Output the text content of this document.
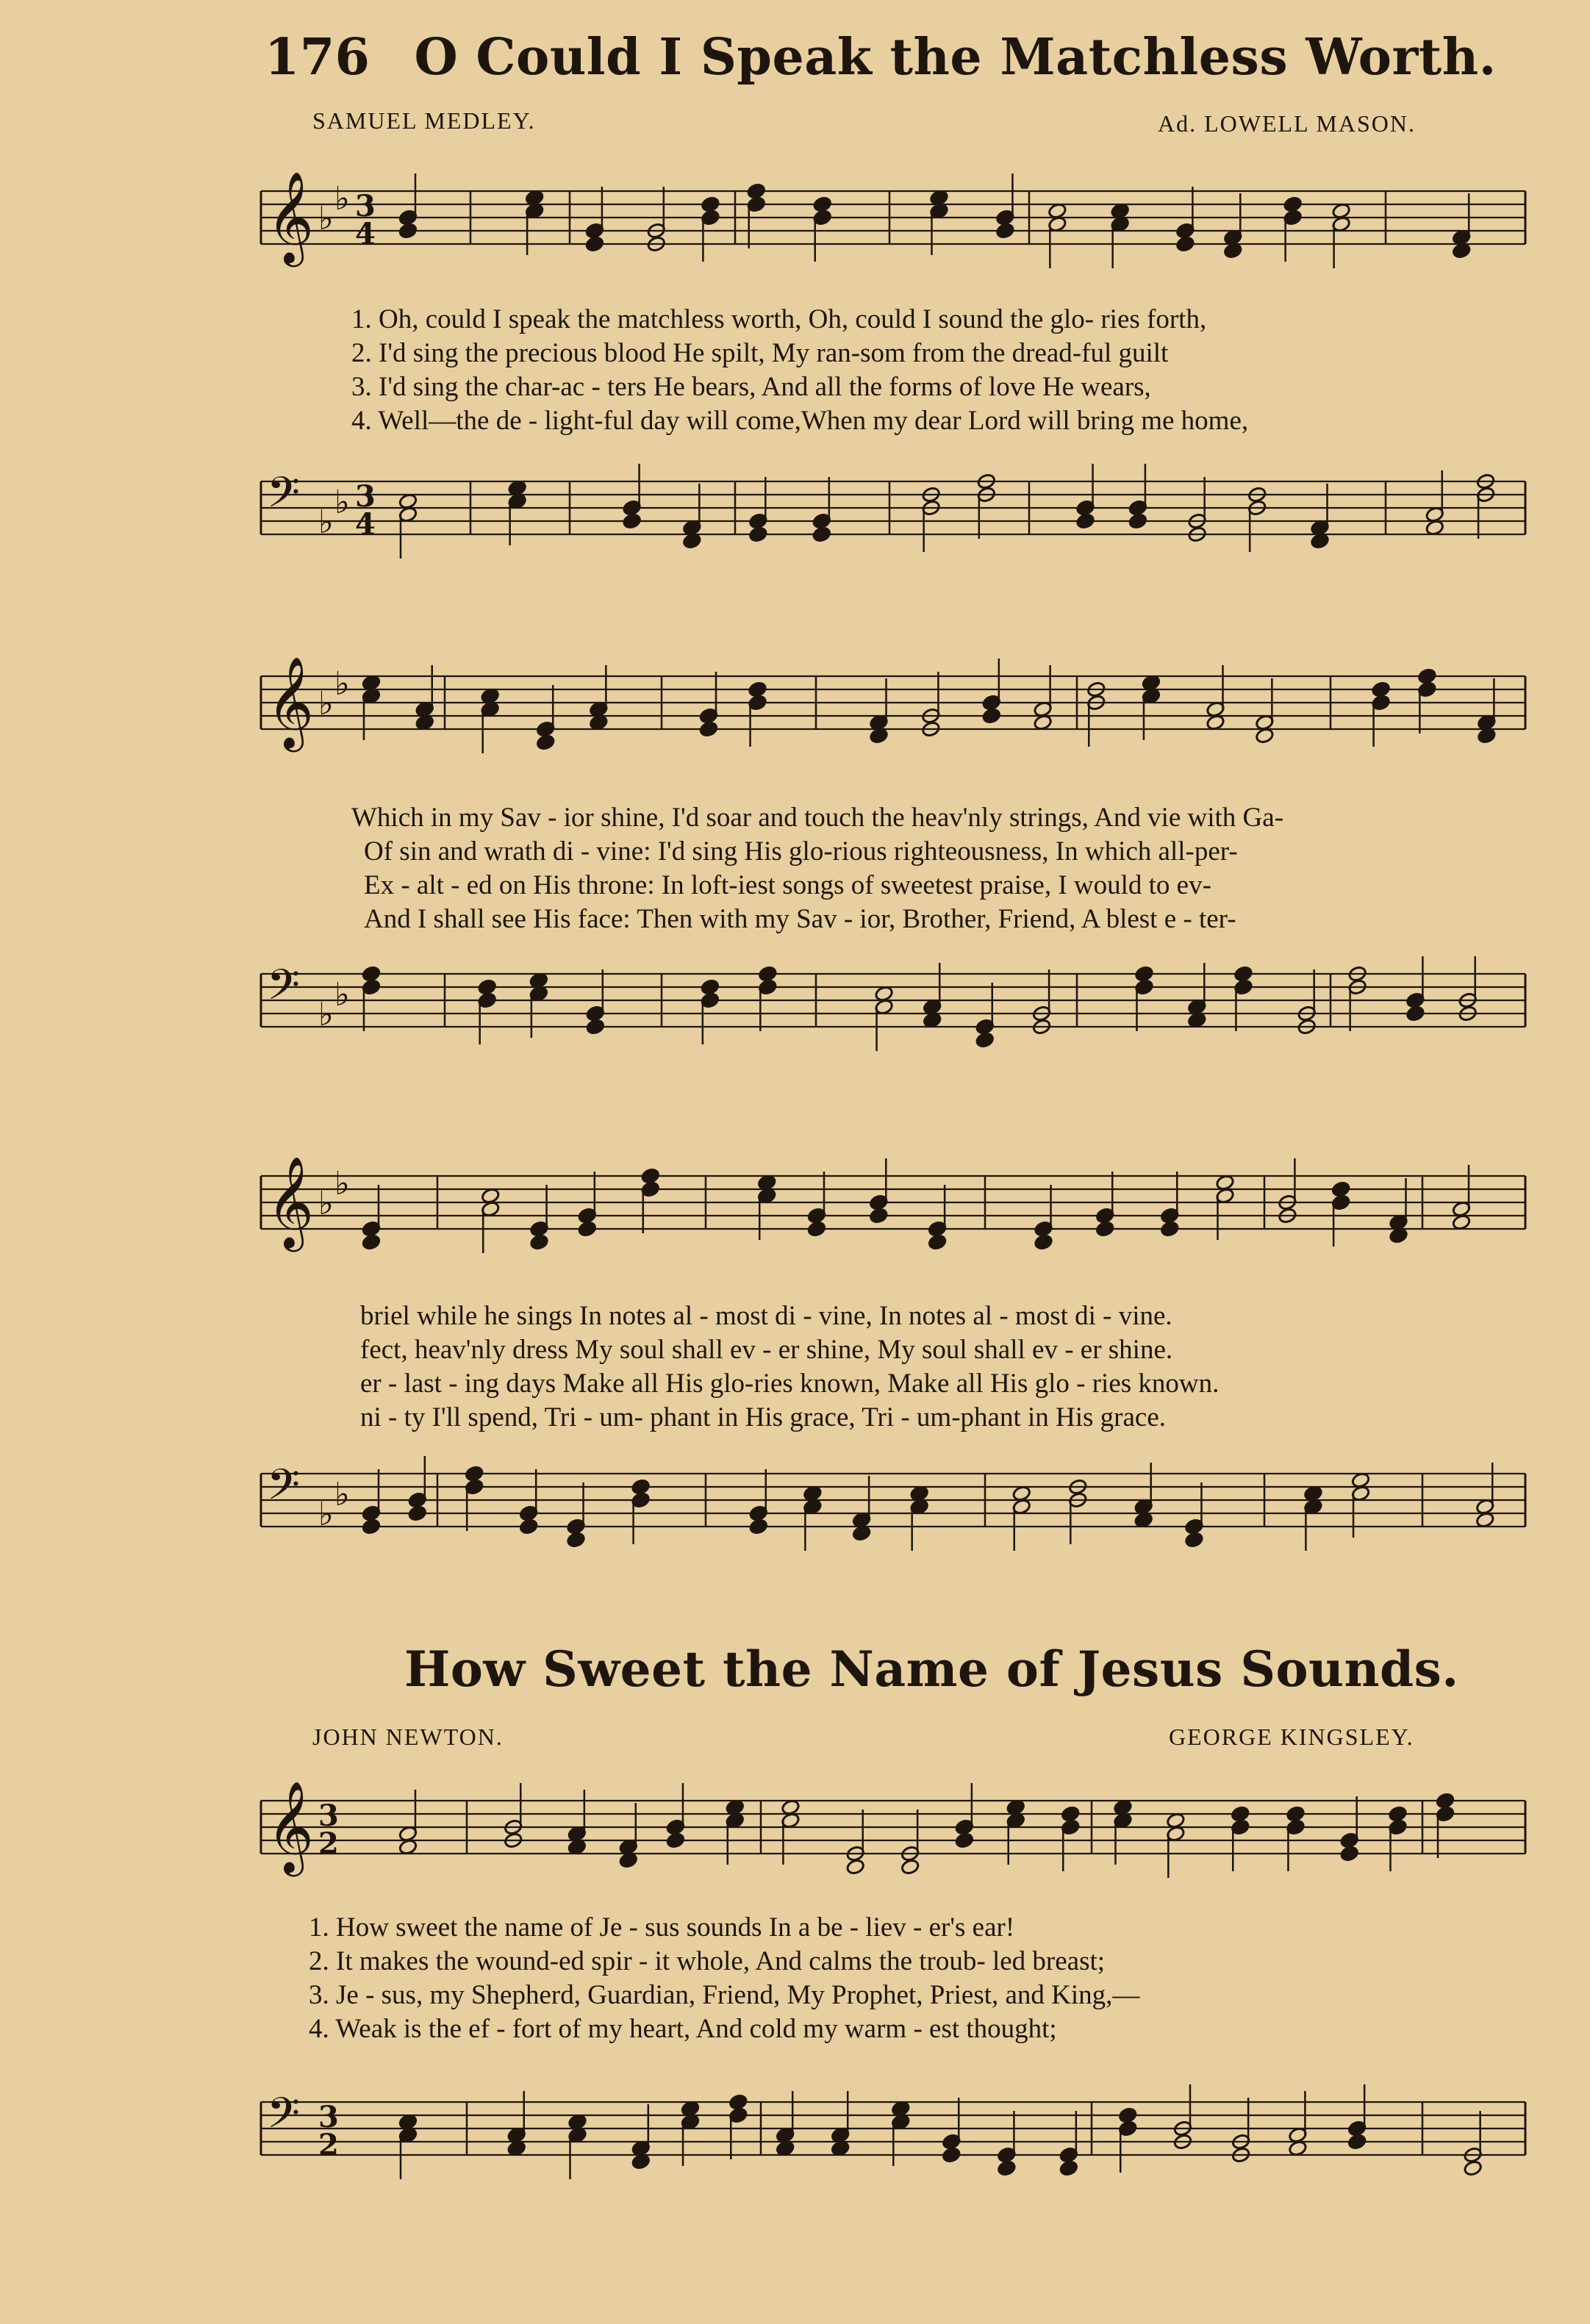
176 O Could I Speak the Matchless Worth.
SAMUEL MEDLEY.	Ad. LOWELL MASON.
𝄞 ♭
♭ 3
4
1. Oh, could I speak the matchless worth, Oh, could I sound the glo- ries forth,
2. I'd sing the precious blood He spilt, My ran-som from the dread-ful guilt
3. I'd sing the char-ac - ters He bears, And all the forms of love He wears,
4. Well—the de - light-ful day will come,When my dear Lord will bring me home,
𝄢 ♭
♭ 3
4
𝄞 ♭
♭
Which in my Sav - ior shine, I'd soar and touch the heav'nly strings, And vie with Ga-
Of sin and wrath di - vine: I'd sing His glo-rious righteousness, In which all-per-
Ex - alt - ed on His throne: In loft-iest songs of sweetest praise, I would to ev-
And I shall see His face: Then with my Sav - ior, Brother, Friend, A blest e - ter-
𝄢 ♭
♭
𝄞 ♭
♭
briel while he sings In notes al - most di - vine, In notes al - most di - vine.
fect, heav'nly dress My soul shall ev - er shine, My soul shall ev - er shine.
er - last - ing days Make all His glo-ries known, Make all His glo - ries known.
ni - ty I'll spend, Tri - um- phant in His grace, Tri - um-phant in His grace.
𝄢 ♭
♭
How Sweet the Name of Jesus Sounds.
JOHN NEWTON.	GEORGE KINGSLEY.
𝄞 3
2
1. How sweet the name of Je - sus sounds In a be - liev - er's ear!
2. It makes the wound-ed spir - it whole, And calms the troub- led breast;
3. Je - sus, my Shepherd, Guardian, Friend, My Prophet, Priest, and King,—
4. Weak is the ef - fort of my heart, And cold my warm - est thought;
𝄢 3
2
